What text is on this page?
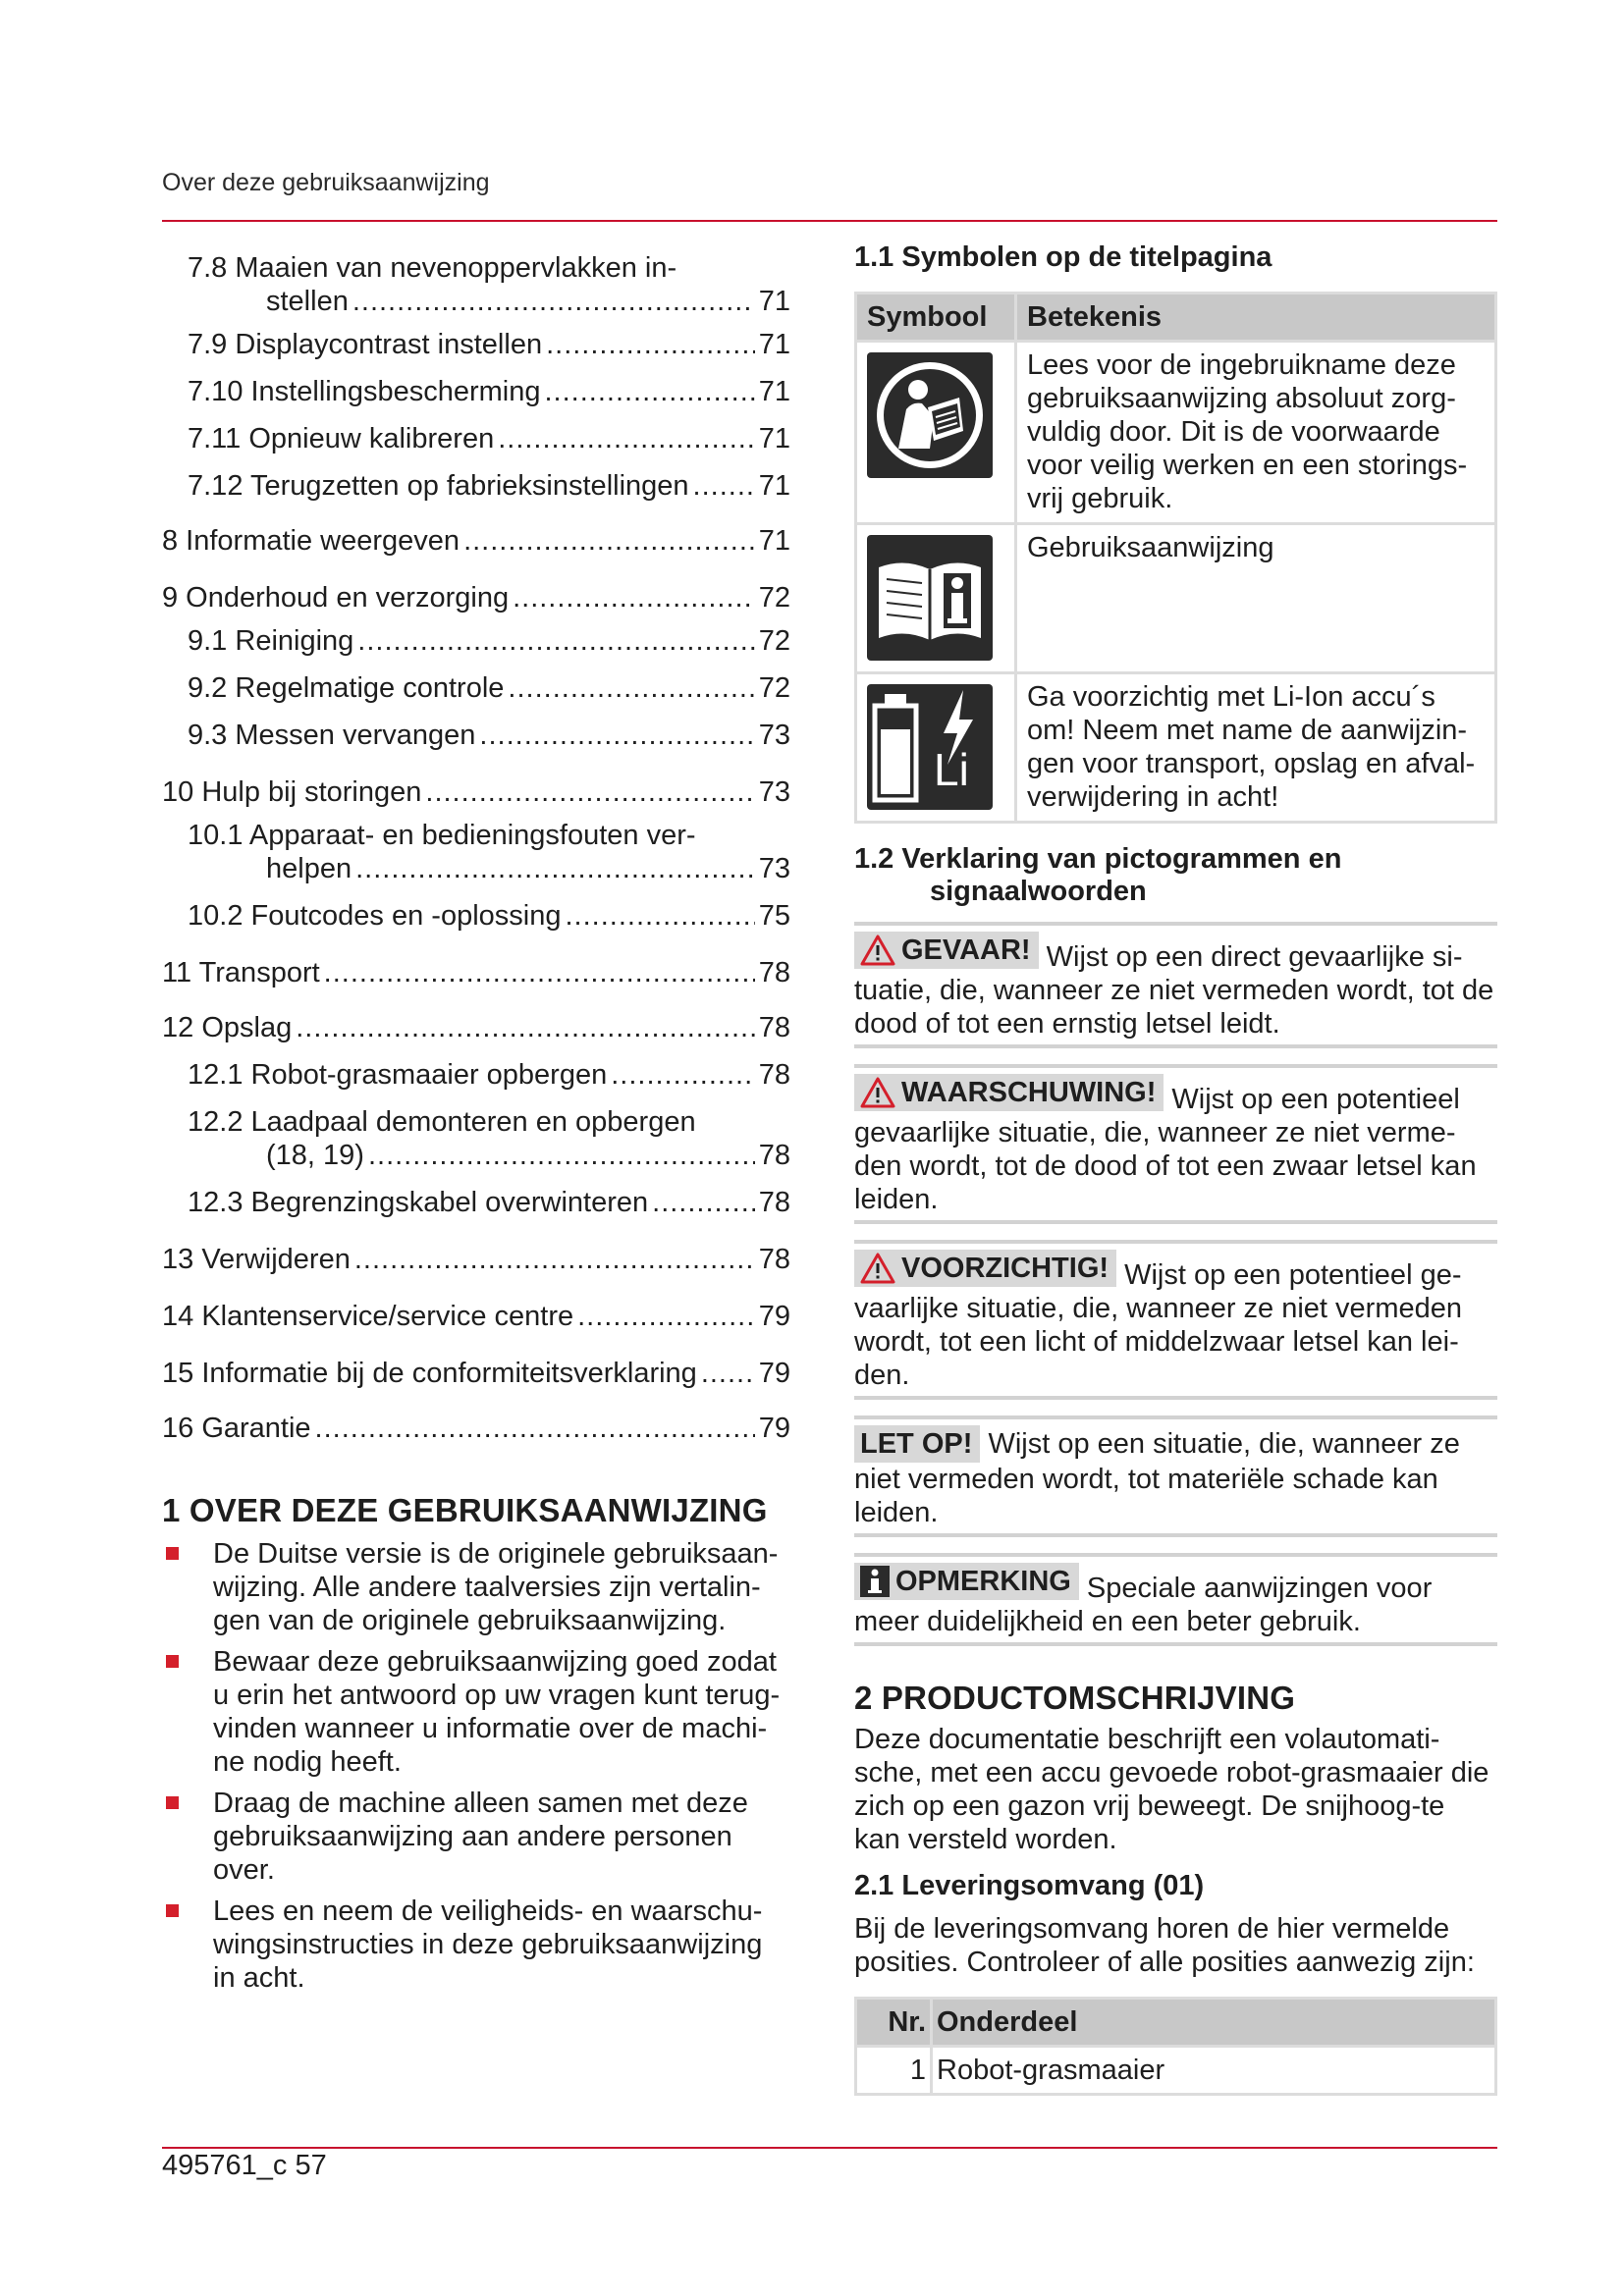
Over deze gebruiksaanwijzing
7.8 Maaien van nevenoppervlakken in-
stellen .....	71
7.9 Displaycontrast instellen .....	71
7.10 Instellingsbescherming .....	71
7.11 Opnieuw kalibreren .....	71
7.12 Terugzetten op fabrieksinstellingen ..... 71
8 Informatie weergeven .....	71
9 Onderhoud en verzorging .....	72
9.1 Reiniging .....	72
9.2 Regelmatige controle .....	72
9.3 Messen vervangen .....	73
10 Hulp bij storingen .....	73
10.1 Apparaat- en bedieningsfouten ver-
helpen .....	73
10.2 Foutcodes en -oplossing .....	75
11 Transport .....	78
12 Opslag .....	78
12.1 Robot-grasmaaier opbergen .....	78
12.2 Laadpaal demonteren en opbergen
(18, 19) .....	78
12.3 Begrenzingskabel overwinteren .....	78
13 Verwijderen .....	78
14 Klantenservice/service centre .....	79
15 Informatie bij de conformiteitsverklaring ..... 79
16 Garantie .....	79
1 OVER DEZE GEBRUIKSAANWIJZING
De Duitse versie is de originele gebruiksaan-wijzing. Alle andere taalversies zijn vertalin-gen van de originele gebruiksaanwijzing.
Bewaar deze gebruiksaanwijzing goed zodat u erin het antwoord op uw vragen kunt terug-vinden wanneer u informatie over de machi-ne nodig heeft.
Draag de machine alleen samen met deze gebruiksaanwijzing aan andere personen over.
Lees en neem de veiligheids- en waarschu-wingsinstructies in deze gebruiksaanwijzing in acht.
1.1 Symbolen op de titelpagina
Symbool	Betekenis

	Lees voor de ingebruikname deze gebruiksaanwijzing absoluut zorg-vuldig door. Dit is de voorwaarde voor veilig werken en een storings-vrij gebruik.

	Gebruiksaanwijzing

Li	Ga voorzichtig met Li-Ion accu´s om! Neem met name de aanwijzin-gen voor transport, opslag en afval-verwijdering in acht!
1.2 Verklaring van pictogrammen en
signaalwoorden
GEVAAR! Wijst op een direct gevaarlijke si-tuatie, die, wanneer ze niet vermeden wordt, tot de dood of tot een ernstig letsel leidt.
WAARSCHUWING! Wijst op een potentieel gevaarlijke situatie, die, wanneer ze niet verme-den wordt, tot de dood of tot een zwaar letsel kan leiden.
VOORZICHTIG! Wijst op een potentieel ge-vaarlijke situatie, die, wanneer ze niet vermeden wordt, tot een licht of middelzwaar letsel kan lei-den.
LET OP! Wijst op een situatie, die, wanneer ze niet vermeden wordt, tot materiële schade kan leiden.
OPMERKING Speciale aanwijzingen voor meer duidelijkheid en een beter gebruik.
2 PRODUCTOMSCHRIJVING

Deze documentatie beschrijft een volautomati-sche, met een accu gevoede robot-grasmaaier die zich op een gazon vrij beweegt. De snijhoog-te kan versteld worden.

2.1 Leveringsomvang (01)

Bij de leveringsomvang horen de hier vermelde posities. Controleer of alle posities aanwezig zijn:

Nr.	Onderdeel
1	Robot-grasmaaier
495761_c 57
